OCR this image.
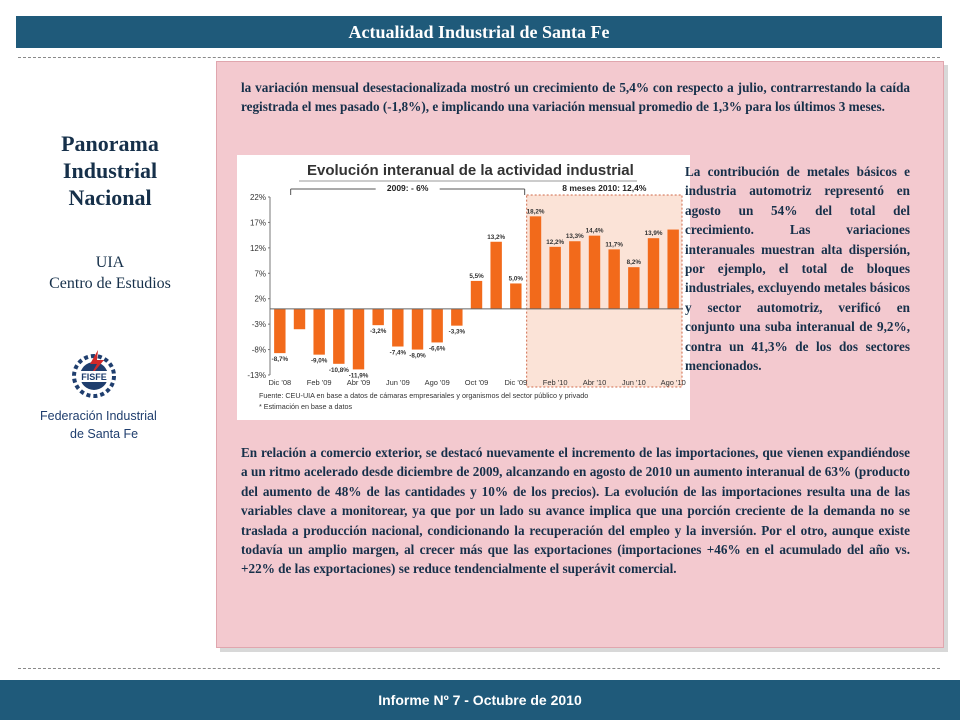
Actualidad Industrial de Santa Fe
Panorama
Industrial
Nacional
UIA
Centro de Estudios
FISFE
Federación Industrial
de Santa Fe

la variación mensual desestacionalizada mostró un crecimiento de 5,4% con respecto a julio, contrarrestando la caída registrada el mes pasado (-1,8%), e implicando una variación mensual promedio de 1,3% para los últimos 3 meses.

Evolución interanual de la actividad industrial
2009: - 6%	8 meses 2010: 12,4%
22%
17%
12%
7%
2%
-3%
-8%
-13%
-8,7%	-9,0%
-10,8%
-11,9%
-3,2%
-7,4% -8,0%
-6,6%
-3,3%
5,5%
13,2%
5,0%
18,2%
12,2%
13,3%
14,4%
11,7%
8,2%
13,9%
Dic '08 Feb '09 Abr '09 Jun '09 Ago '09 Oct '09 Dic '09 Feb '10 Abr '10 Jun '10 Ago '10
Fuente: CEU-UIA en base a datos de cámaras empresariales y organismos del sector público y privado
* Estimación en base a datos

La contribución de metales básicos e industria automotriz representó en agosto un 54% del total del crecimiento. Las variaciones interanuales muestran alta dispersión, por ejemplo, el total de bloques industriales, excluyendo metales básicos y sector automotriz, verificó en conjunto una suba interanual de 9,2%, contra un 41,3% de los dos sectores mencionados.

En relación a comercio exterior, se destacó nuevamente el incremento de las importaciones, que vienen expandiéndose a un ritmo acelerado desde diciembre de 2009, alcanzando en agosto de 2010 un aumento interanual de 63% (producto del aumento de 48% de las cantidades y 10% de los precios). La evolución de las importaciones resulta una de las variables clave a monitorear, ya que por un lado su avance implica que una porción creciente de la demanda no se traslada a producción nacional, condicionando la recuperación del empleo y la inversión. Por el otro, aunque existe todavía un amplio margen, al crecer más que las exportaciones (importaciones +46% en el acumulado del año vs. +22% de las exportaciones) se reduce tendencialmente el superávit comercial.

Informe Nº 7 - Octubre de 2010
